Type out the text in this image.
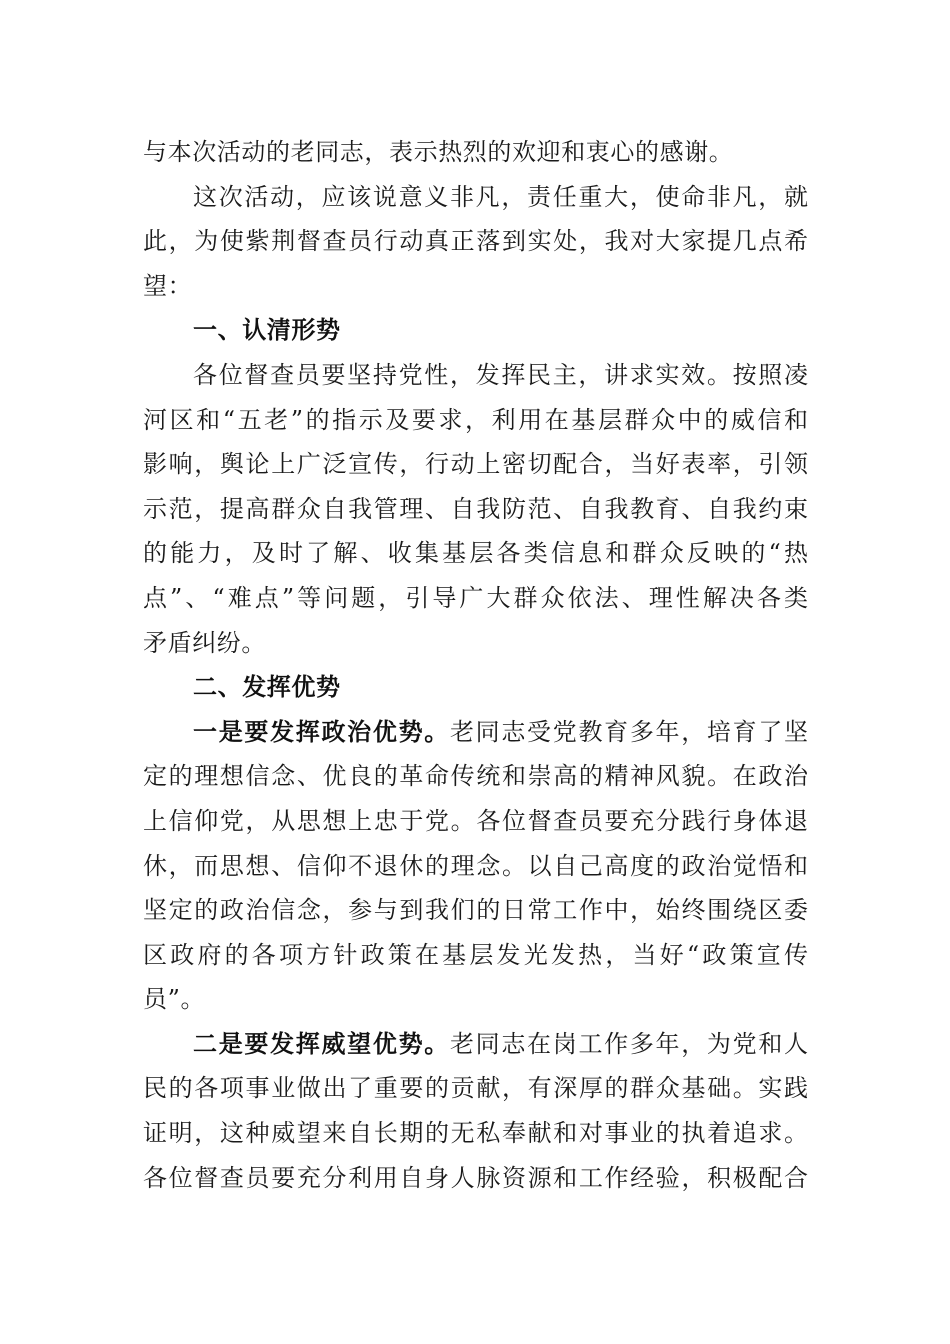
与本次活动的老同志，表示热烈的欢迎和衷心的感谢。
这次活动，应该说意义非凡，责任重大，使命非凡，就
此，为使紫荆督查员行动真正落到实处，我对大家提几点希
望：
一、认清形势
各位督查员要坚持党性，发挥民主，讲求实效。按照凌
河区和“五老”的指示及要求，利用在基层群众中的威信和
影响，舆论上广泛宣传，行动上密切配合，当好表率，引领
示范，提高群众自我管理、自我防范、自我教育、自我约束
的能力，及时了解、收集基层各类信息和群众反映的“热
点”、“难点”等问题，引导广大群众依法、理性解决各类
矛盾纠纷。
二、发挥优势
一是要发挥政治优势。老同志受党教育多年，培育了坚
定的理想信念、优良的革命传统和崇高的精神风貌。在政治
上信仰党，从思想上忠于党。各位督查员要充分践行身体退
休，而思想、信仰不退休的理念。以自己高度的政治觉悟和
坚定的政治信念，参与到我们的日常工作中，始终围绕区委
区政府的各项方针政策在基层发光发热，当好“政策宣传
员”。
二是要发挥威望优势。老同志在岗工作多年，为党和人
民的各项事业做出了重要的贡献，有深厚的群众基础。实践
证明，这种威望来自长期的无私奉献和对事业的执着追求。
各位督查员要充分利用自身人脉资源和工作经验，积极配合
